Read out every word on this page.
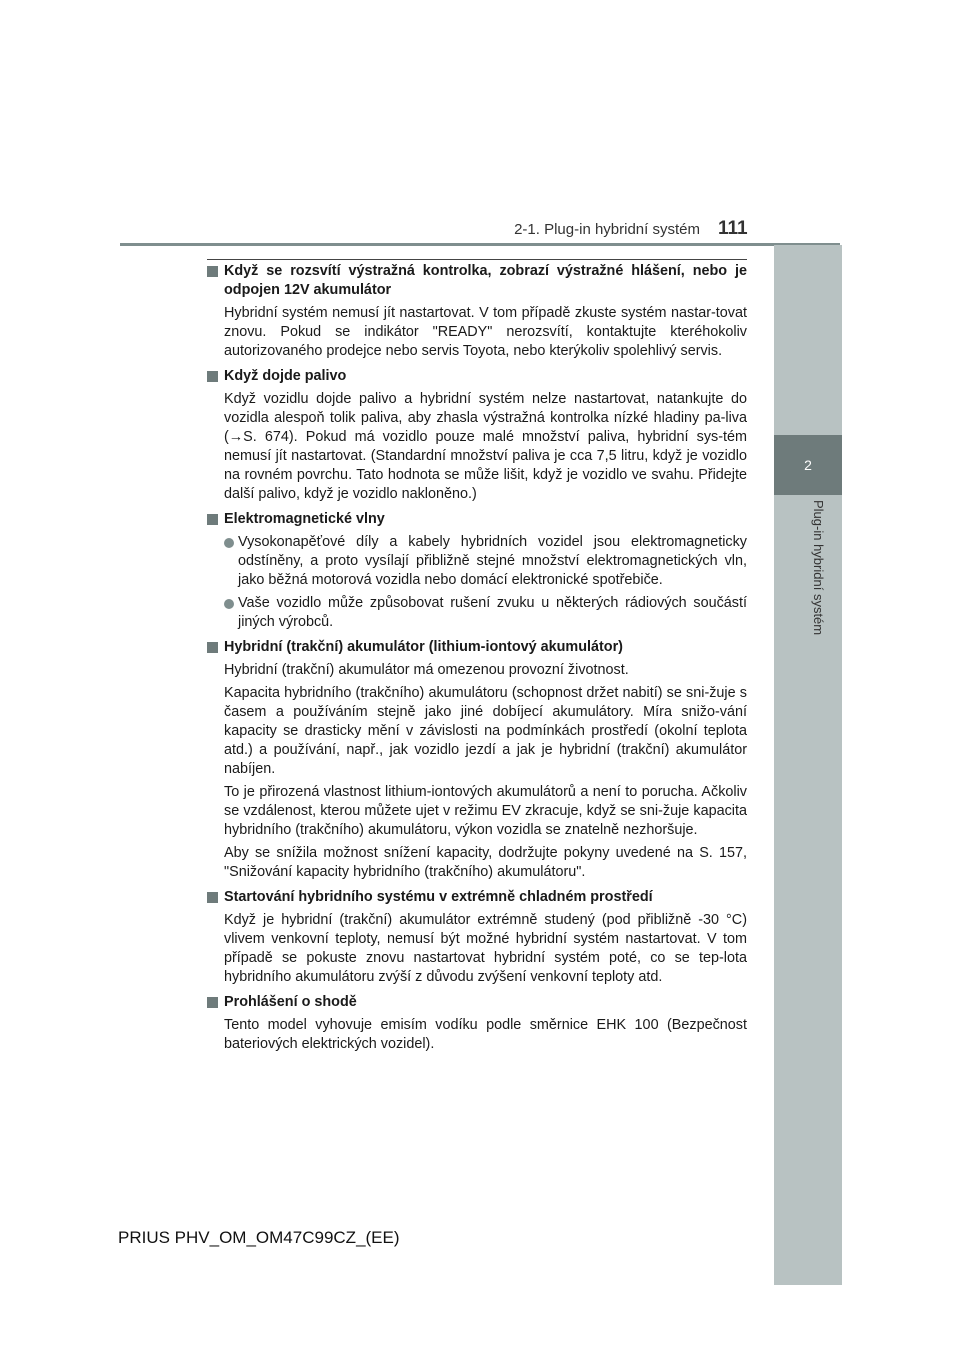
2-1. Plug-in hybridní systém 111
2
Plug-in hybridní systém
Když se rozsvítí výstražná kontrolka, zobrazí výstražné hlášení, nebo je odpojen 12V akumulátor
Hybridní systém nemusí jít nastartovat. V tom případě zkuste systém nastar-tovat znovu. Pokud se indikátor "READY" nerozsvítí, kontaktujte kteréhokoliv autorizovaného prodejce nebo servis Toyota, nebo kterýkoliv spolehlivý servis.
Když dojde palivo
Když vozidlu dojde palivo a hybridní systém nelze nastartovat, natankujte do vozidla alespoň tolik paliva, aby zhasla výstražná kontrolka nízké hladiny pa-liva (→S. 674). Pokud má vozidlo pouze malé množství paliva, hybridní sys-tém nemusí jít nastartovat. (Standardní množství paliva je cca 7,5 litru, když je vozidlo na rovném povrchu. Tato hodnota se může lišit, když je vozidlo ve svahu. Přidejte další palivo, když je vozidlo nakloněno.)
Elektromagnetické vlny
Vysokonapěťové díly a kabely hybridních vozidel jsou elektromagneticky odstíněny, a proto vysílají přibližně stejné množství elektromagnetických vln, jako běžná motorová vozidla nebo domácí elektronické spotřebiče.
Vaše vozidlo může způsobovat rušení zvuku u některých rádiových součástí jiných výrobců.
Hybridní (trakční) akumulátor (lithium-iontový akumulátor)
Hybridní (trakční) akumulátor má omezenou provozní životnost.
Kapacita hybridního (trakčního) akumulátoru (schopnost držet nabití) se sni-žuje s časem a používáním stejně jako jiné dobíjecí akumulátory. Míra snižo-vání kapacity se drasticky mění v závislosti na podmínkách prostředí (okolní teplota atd.) a používání, např., jak vozidlo jezdí a jak je hybridní (trakční) akumulátor nabíjen.
To je přirozená vlastnost lithium-iontových akumulátorů a není to porucha. Ačkoliv se vzdálenost, kterou můžete ujet v režimu EV zkracuje, když se sni-žuje kapacita hybridního (trakčního) akumulátoru, výkon vozidla se znatelně nezhoršuje.
Aby se snížila možnost snížení kapacity, dodržujte pokyny uvedené na S. 157, "Snižování kapacity hybridního (trakčního) akumulátoru".
Startování hybridního systému v extrémně chladném prostředí
Když je hybridní (trakční) akumulátor extrémně studený (pod přibližně -30 °C) vlivem venkovní teploty, nemusí být možné hybridní systém nastartovat. V tom případě se pokuste znovu nastartovat hybridní systém poté, co se tep-lota hybridního akumulátoru zvýší z důvodu zvýšení venkovní teploty atd.
Prohlášení o shodě
Tento model vyhovuje emisím vodíku podle směrnice EHK 100 (Bezpečnost bateriových elektrických vozidel).
PRIUS PHV_OM_OM47C99CZ_(EE)
